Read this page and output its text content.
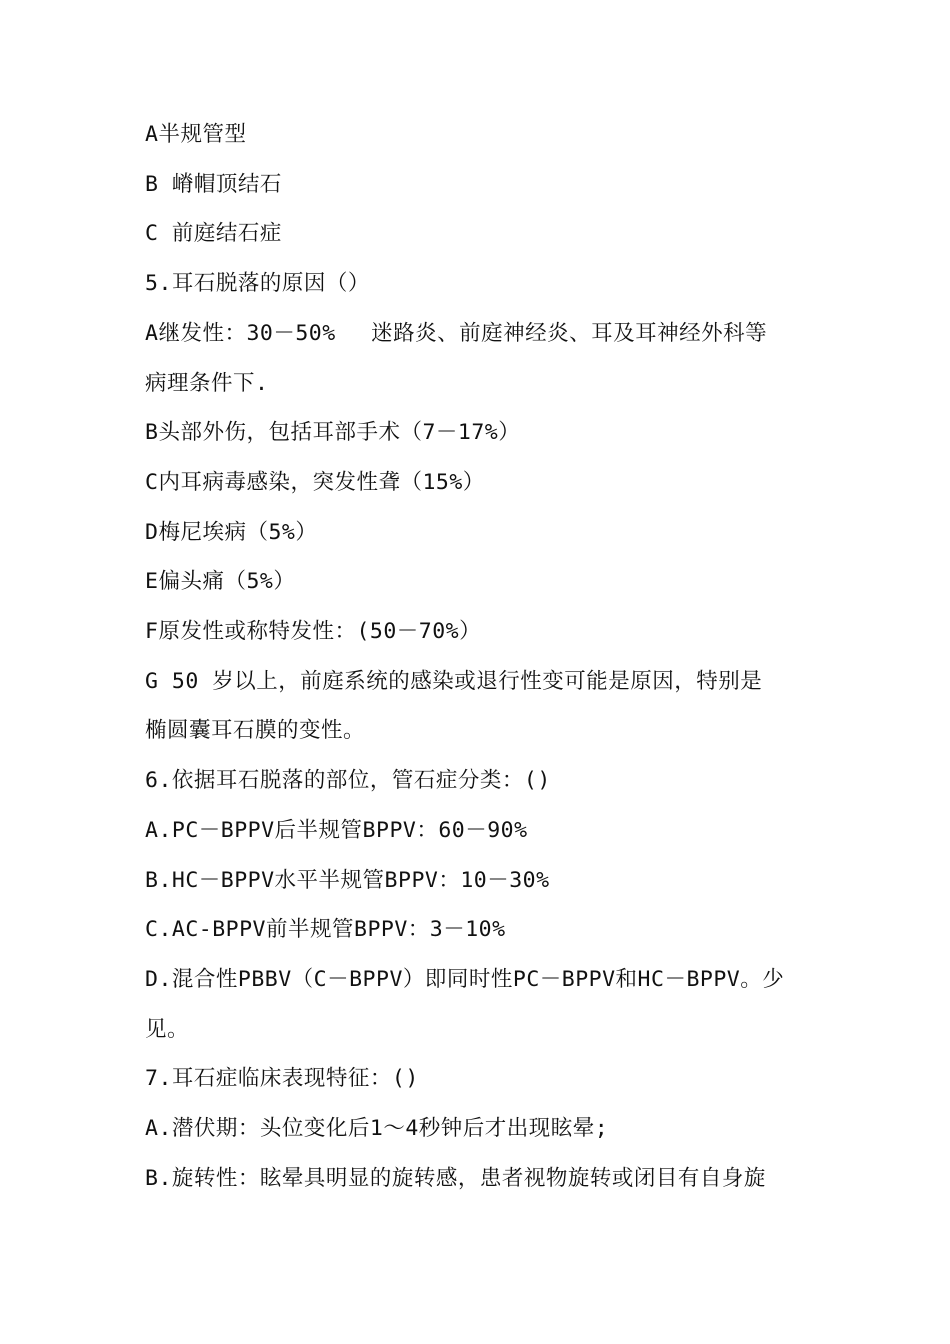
A半规管型
B 嵴帽顶结石
C 前庭结石症
5.耳石脱落的原因（）
A继发性：30－50%　 迷路炎、前庭神经炎、耳及耳神经外科等
病理条件下.
B头部外伤，包括耳部手术（7－17%）
C内耳病毒感染，突发性聋（15%）
D梅尼埃病（5%）
E偏头痛（5%）
F原发性或称特发性：(50－70%）
G 50 岁以上，前庭系统的感染或退行性变可能是原因，特别是
椭圆囊耳石膜的变性。
6.依据耳石脱落的部位，管石症分类：()
A.PC－BPPV后半规管BPPV：60－90%
B.HC－BPPV水平半规管BPPV：10－30%
C.AC-BPPV前半规管BPPV：3－10%
D.混合性PBBV（C－BPPV）即同时性PC－BPPV和HC－BPPV。少
见。
7.耳石症临床表现特征：()
A.潜伏期：头位变化后1～4秒钟后才出现眩晕;
B.旋转性：眩晕具明显的旋转感，患者视物旋转或闭目有自身旋
